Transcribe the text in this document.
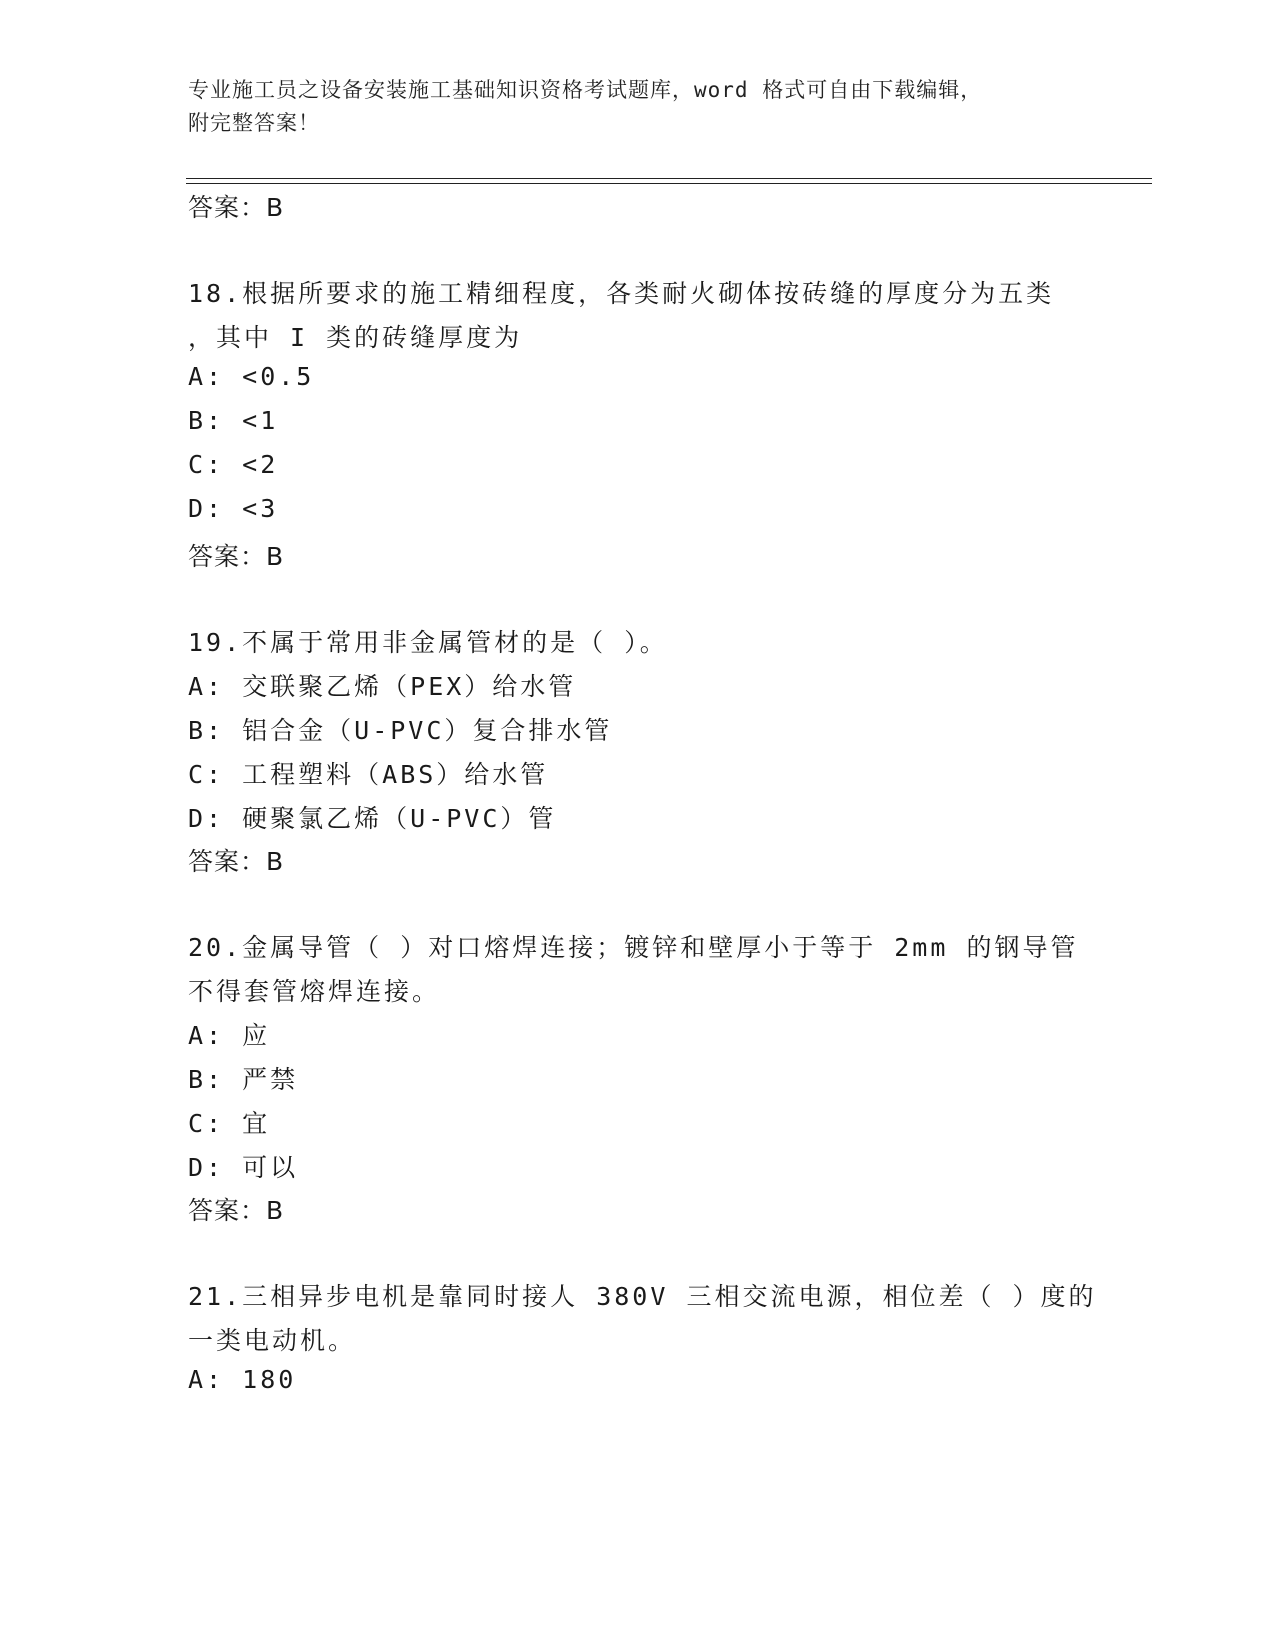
专业施工员之设备安装施工基础知识资格考试题库，word 格式可自由下载编辑，
附完整答案！
答案：B
18.根据所要求的施工精细程度，各类耐火砌体按砖缝的厚度分为五类
，其中 I 类的砖缝厚度为
A: <0.5
B: <1
C: <2
D: <3
答案：B
19.不属于常用非金属管材的是（ ）。
A: 交联聚乙烯（PEX）给水管
B: 铝合金（U-PVC）复合排水管
C: 工程塑料（ABS）给水管
D: 硬聚氯乙烯（U-PVC）管
答案：B
20.金属导管（ ）对口熔焊连接；镀锌和壁厚小于等于 2mm 的钢导管
不得套管熔焊连接。
A: 应
B: 严禁
C: 宜
D: 可以
答案：B
21.三相异步电机是靠同时接人 380V 三相交流电源，相位差（ ）度的
一类电动机。
A: 180
